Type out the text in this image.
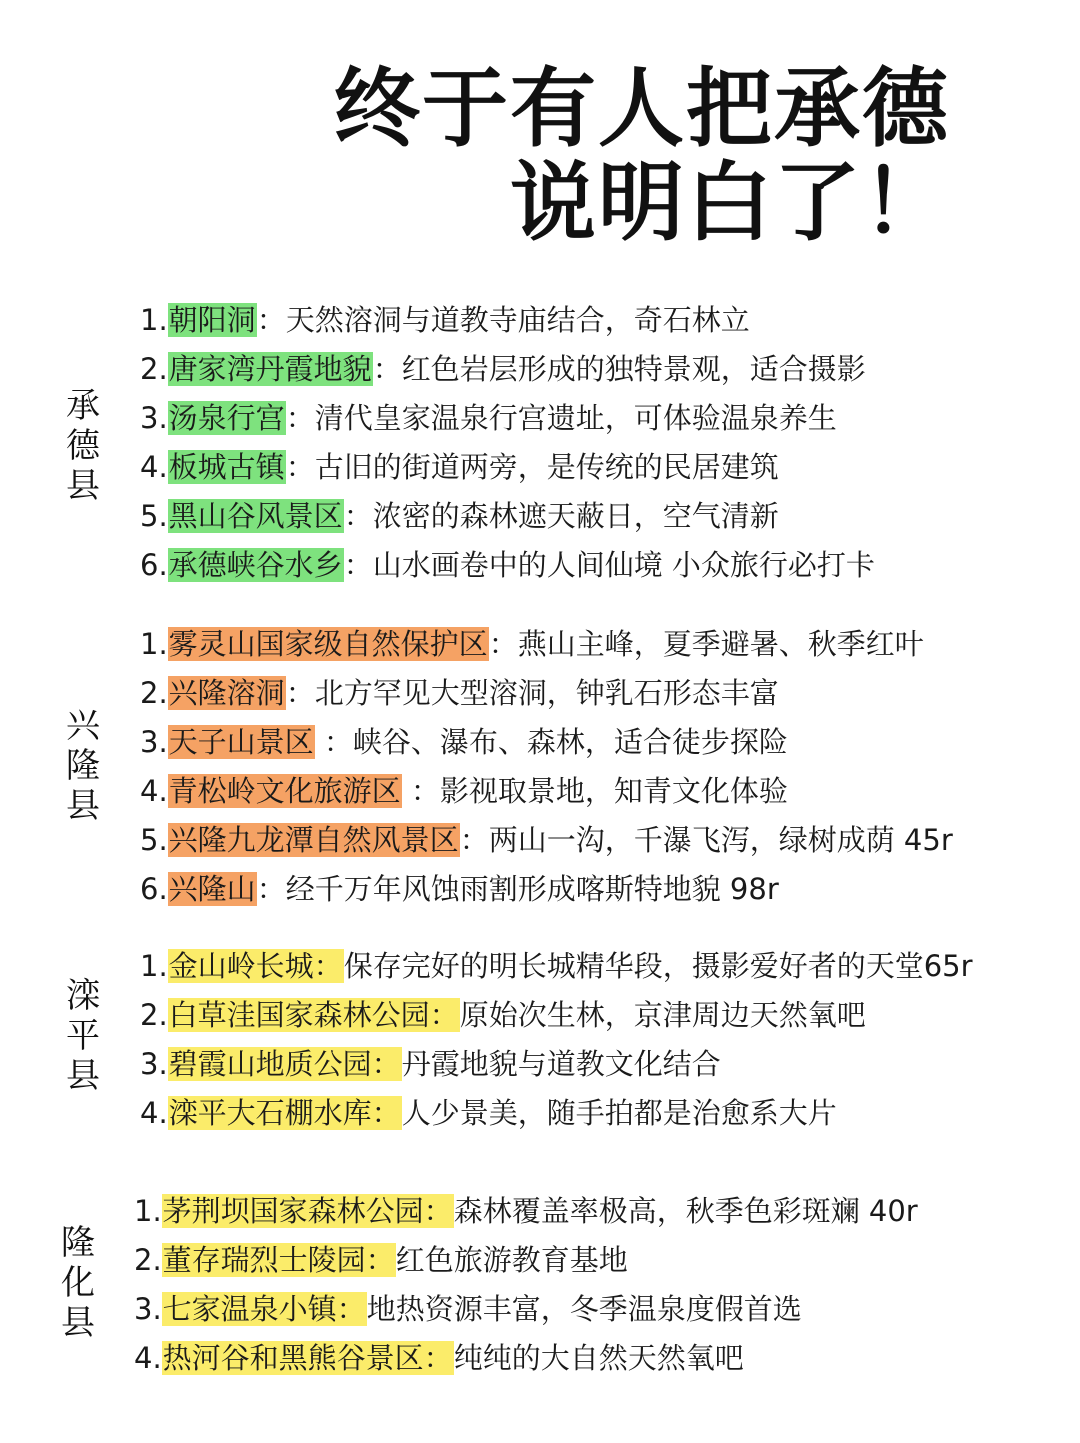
终于有人把承德
说明白了！
承德县
1.朝阳洞：天然溶洞与道教寺庙结合，奇石林立
2.唐家湾丹霞地貌：红色岩层形成的独特景观，适合摄影
3.汤泉行宫：清代皇家温泉行宫遗址，可体验温泉养生
4.板城古镇：古旧的街道两旁，是传统的民居建筑
5.黑山谷风景区：浓密的森林遮天蔽日，空气清新
6.承德峡谷水乡：山水画卷中的人间仙境 小众旅行必打卡
兴隆县
1.雾灵山国家级自然保护区：燕山主峰，夏季避暑、秋季红叶
2.兴隆溶洞：北方罕见大型溶洞，钟乳石形态丰富
3.天子山景区 ：峡谷、瀑布、森林，适合徒步探险
4.青松岭文化旅游区 ：影视取景地，知青文化体验
5.兴隆九龙潭自然风景区：两山一沟，千瀑飞泻，绿树成荫 45r
6.兴隆山：经千万年风蚀雨割形成喀斯特地貌 98r
滦平县
1.金山岭长城：保存完好的明长城精华段，摄影爱好者的天堂65r
2.白草洼国家森林公园：原始次生林，京津周边天然氧吧
3.碧霞山地质公园：丹霞地貌与道教文化结合
4.滦平大石棚水库：人少景美，随手拍都是治愈系大片
隆化县
1.茅荆坝国家森林公园：森林覆盖率极高，秋季色彩斑斓 40r
2.董存瑞烈士陵园：红色旅游教育基地
3.七家温泉小镇：地热资源丰富，冬季温泉度假首选
4.热河谷和黑熊谷景区：纯纯的大自然天然氧吧
